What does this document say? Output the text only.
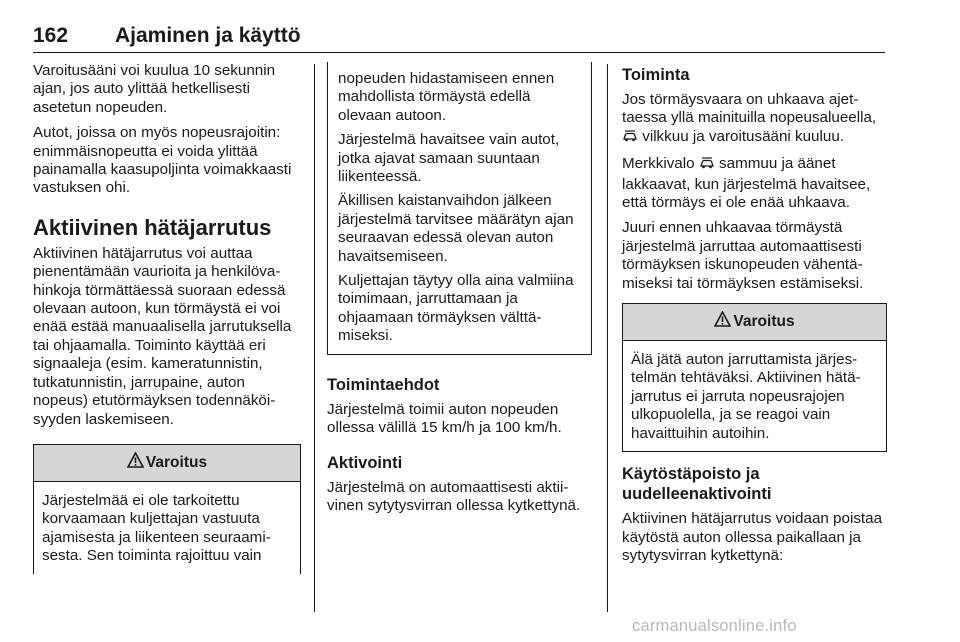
162 Ajaminen ja käyttö

Varoitusääni voi kuulua 10 sekunnin ajan, jos auto ylittää hetkellisesti asetetun nopeuden.

Autot, joissa on myös nopeusrajoitin: enimmäisnopeutta ei voida ylittää painamalla kaasupoljinta voimakkaasti vastuksen ohi.

Aktiivinen hätäjarrutus

Aktiivinen hätäjarrutus voi auttaa pienentämään vaurioita ja henkilövahinkoja törmättäessä suoraan edessä olevaan autoon, kun törmäystä ei voi enää estää manuaalisella jarrutuksella tai ohjaamalla. Toiminto käyttää eri signaaleja (esim. kameratunnistin, tutkatunnistin, jarrupaine, auton nopeus) etutörmäyksen todennäköisyyden laskemiseen.

Varoitus
Järjestelmää ei ole tarkoitettu korvaamaan kuljettajan vastuuta ajamisesta ja liikenteen seuraamisesta. Sen toiminta rajoittuu vain

nopeuden hidastamiseen ennen mahdollista törmäystä edellä olevaan autoon.

Järjestelmä havaitsee vain autot, jotka ajavat samaan suuntaan liikenteessä.

Äkillisen kaistanvaihdon jälkeen järjestelmä tarvitsee määrätyn ajan seuraavan edessä olevan auton havaitsemiseen.

Kuljettajan täytyy olla aina valmiina toimimaan, jarruttamaan ja ohjaamaan törmäyksen välttämiseksi.

Toimintaehdot

Järjestelmä toimii auton nopeuden ollessa välillä 15 km/h ja 100 km/h.

Aktivointi

Järjestelmä on automaattisesti aktiivinen sytytysvirran ollessa kytkettynä.

Toiminta

Jos törmäysvaara on uhkaava ajettaessa yllä mainituilla nopeusalueella,  vilkkuu ja varoitusääni kuuluu.

Merkkivalo  sammuu ja äänet lakkaavat, kun järjestelmä havaitsee, että törmäys ei ole enää uhkaava.

Juuri ennen uhkaavaa törmäystä järjestelmä jarruttaa automaattisesti törmäyksen iskunopeuden vähentämiseksi tai törmäyksen estämiseksi.

Varoitus
Älä jätä auton jarruttamista järjestelmän tehtäväksi. Aktiivinen hätäjarrutus ei jarruta nopeusrajojen ulkopuolella, ja se reagoi vain havaittuihin autoihin.
Käytöstäpoisto ja uudelleenaktivointi

Aktiivinen hätäjarrutus voidaan poistaa käytöstä auton ollessa paikallaan ja sytytysvirran kytkettynä:

carmanualsonline.info
